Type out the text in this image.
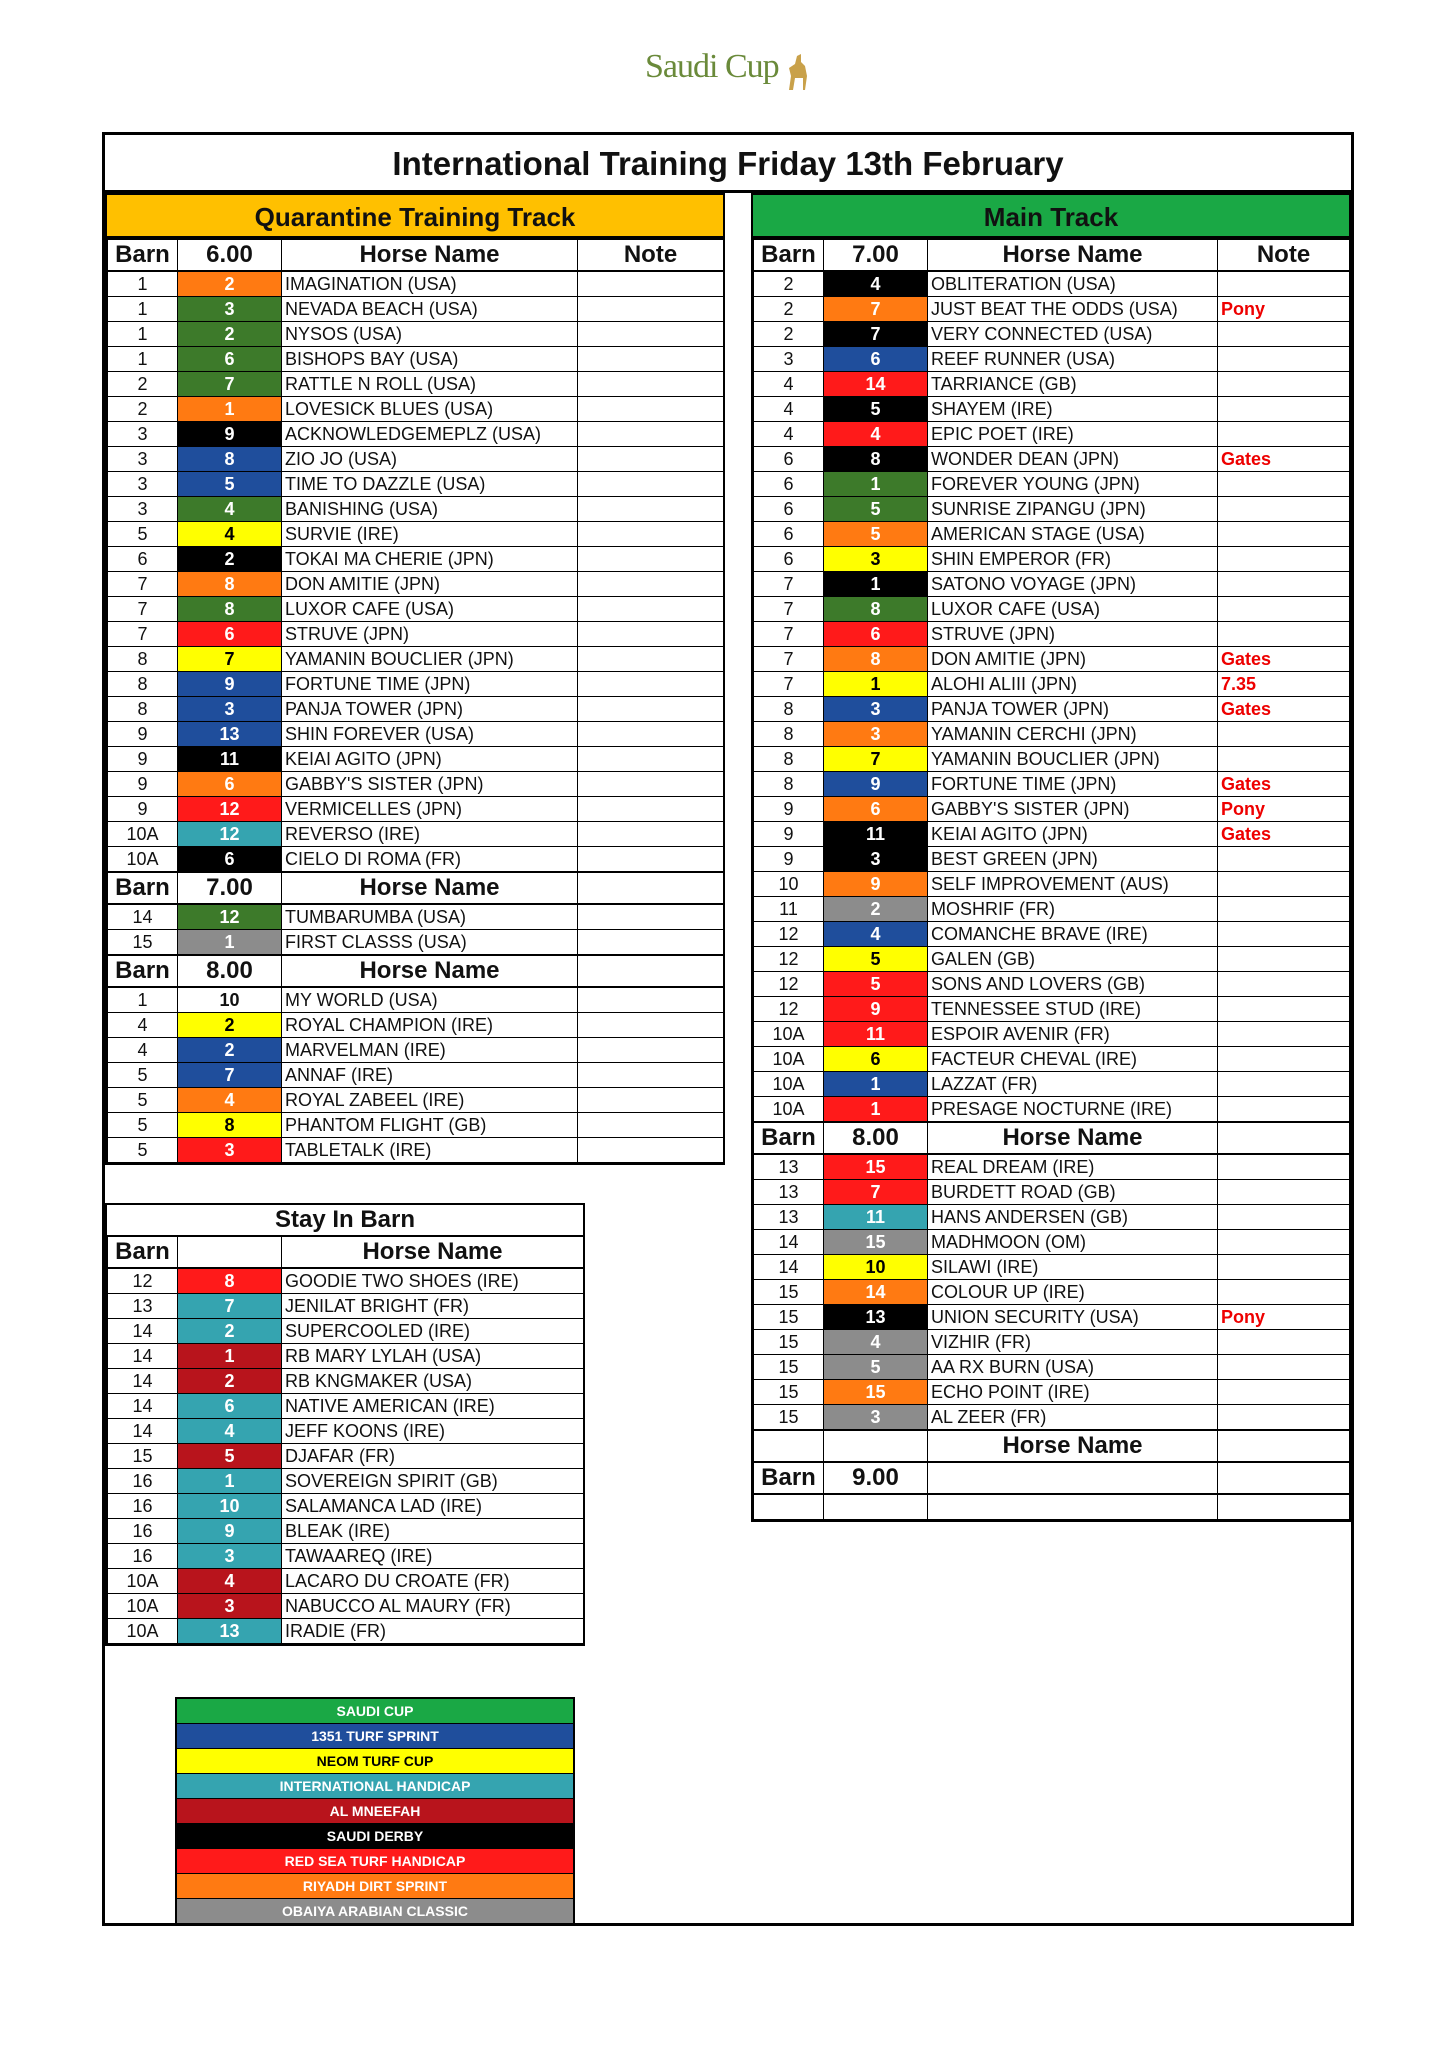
Saudi Cup
International Training Friday 13th February
Quarantine Training Track
Barn	6.00	Horse Name	Note
1	2	IMAGINATION (USA)	
1	3	NEVADA BEACH (USA)	
1	2	NYSOS (USA)	
1	6	BISHOPS BAY (USA)	
2	7	RATTLE N ROLL (USA)	
2	1	LOVESICK BLUES (USA)	
3	9	ACKNOWLEDGEMEPLZ (USA)	
3	8	ZIO JO (USA)	
3	5	TIME TO DAZZLE (USA)	
3	4	BANISHING (USA)	
5	4	SURVIE (IRE)	
6	2	TOKAI MA CHERIE (JPN)	
7	8	DON AMITIE (JPN)	
7	8	LUXOR CAFE (USA)	
7	6	STRUVE (JPN)	
8	7	YAMANIN BOUCLIER (JPN)	
8	9	FORTUNE TIME (JPN)	
8	3	PANJA TOWER (JPN)	
9	13	SHIN FOREVER (USA)	
9	11	KEIAI AGITO (JPN)	
9	6	GABBY'S SISTER (JPN)	
9	12	VERMICELLES (JPN)	
10A	12	REVERSO (IRE)	
10A	6	CIELO DI ROMA (FR)	
Barn	7.00	Horse Name	
14	12	TUMBARUMBA (USA)	
15	1	FIRST CLASSS (USA)	
Barn	8.00	Horse Name	
1	10	MY WORLD (USA)	
4	2	ROYAL CHAMPION (IRE)	
4	2	MARVELMAN (IRE)	
5	7	ANNAF (IRE)	
5	4	ROYAL ZABEEL (IRE)	
5	8	PHANTOM FLIGHT (GB)	
5	3	TABLETALK (IRE)	
Stay In Barn
Barn		Horse Name
12	8	GOODIE TWO SHOES (IRE)
13	7	JENILAT BRIGHT (FR)
14	2	SUPERCOOLED (IRE)
14	1	RB MARY LYLAH (USA)
14	2	RB KNGMAKER (USA)
14	6	NATIVE AMERICAN (IRE)
14	4	JEFF KOONS (IRE)
15	5	DJAFAR (FR)
16	1	SOVEREIGN SPIRIT (GB)
16	10	SALAMANCA LAD (IRE)
16	9	BLEAK (IRE)
16	3	TAWAAREQ (IRE)
10A	4	LACARO DU CROATE (FR)
10A	3	NABUCCO AL MAURY (FR)
10A	13	IRADIE (FR)
Main Track
Barn	7.00	Horse Name	Note
2	4	OBLITERATION (USA)	
2	7	JUST BEAT THE ODDS (USA)	Pony
2	7	VERY CONNECTED (USA)	
3	6	REEF RUNNER (USA)	
4	14	TARRIANCE (GB)	
4	5	SHAYEM (IRE)	
4	4	EPIC POET (IRE)	
6	8	WONDER DEAN (JPN)	Gates
6	1	FOREVER YOUNG (JPN)	
6	5	SUNRISE ZIPANGU (JPN)	
6	5	AMERICAN STAGE (USA)	
6	3	SHIN EMPEROR (FR)	
7	1	SATONO VOYAGE (JPN)	
7	8	LUXOR CAFE (USA)	
7	6	STRUVE (JPN)	
7	8	DON AMITIE (JPN)	Gates
7	1	ALOHI ALIII (JPN)	7.35
8	3	PANJA TOWER (JPN)	Gates
8	3	YAMANIN CERCHI (JPN)	
8	7	YAMANIN BOUCLIER (JPN)	
8	9	FORTUNE TIME (JPN)	Gates
9	6	GABBY'S SISTER (JPN)	Pony
9	11	KEIAI AGITO (JPN)	Gates
9	3	BEST GREEN (JPN)	
10	9	SELF IMPROVEMENT (AUS)	
11	2	MOSHRIF (FR)	
12	4	COMANCHE BRAVE (IRE)	
12	5	GALEN (GB)	
12	5	SONS AND LOVERS (GB)	
12	9	TENNESSEE STUD (IRE)	
10A	11	ESPOIR AVENIR (FR)	
10A	6	FACTEUR CHEVAL (IRE)	
10A	1	LAZZAT (FR)	
10A	1	PRESAGE NOCTURNE (IRE)	
Barn	8.00	Horse Name	
13	15	REAL DREAM (IRE)	
13	7	BURDETT ROAD (GB)	
13	11	HANS ANDERSEN (GB)	
14	15	MADHMOON (OM)	
14	10	SILAWI (IRE)	
15	14	COLOUR UP (IRE)	
15	13	UNION SECURITY (USA)	Pony
15	4	VIZHIR (FR)	
15	5	AA RX BURN (USA)	
15	15	ECHO POINT (IRE)	
15	3	AL ZEER (FR)	
		Horse Name	
Barn	9.00		

SAUDI CUP
1351 TURF SPRINT
NEOM TURF CUP
INTERNATIONAL HANDICAP
AL MNEEFAH
SAUDI DERBY
RED SEA TURF HANDICAP
RIYADH DIRT SPRINT
OBAIYA ARABIAN CLASSIC
